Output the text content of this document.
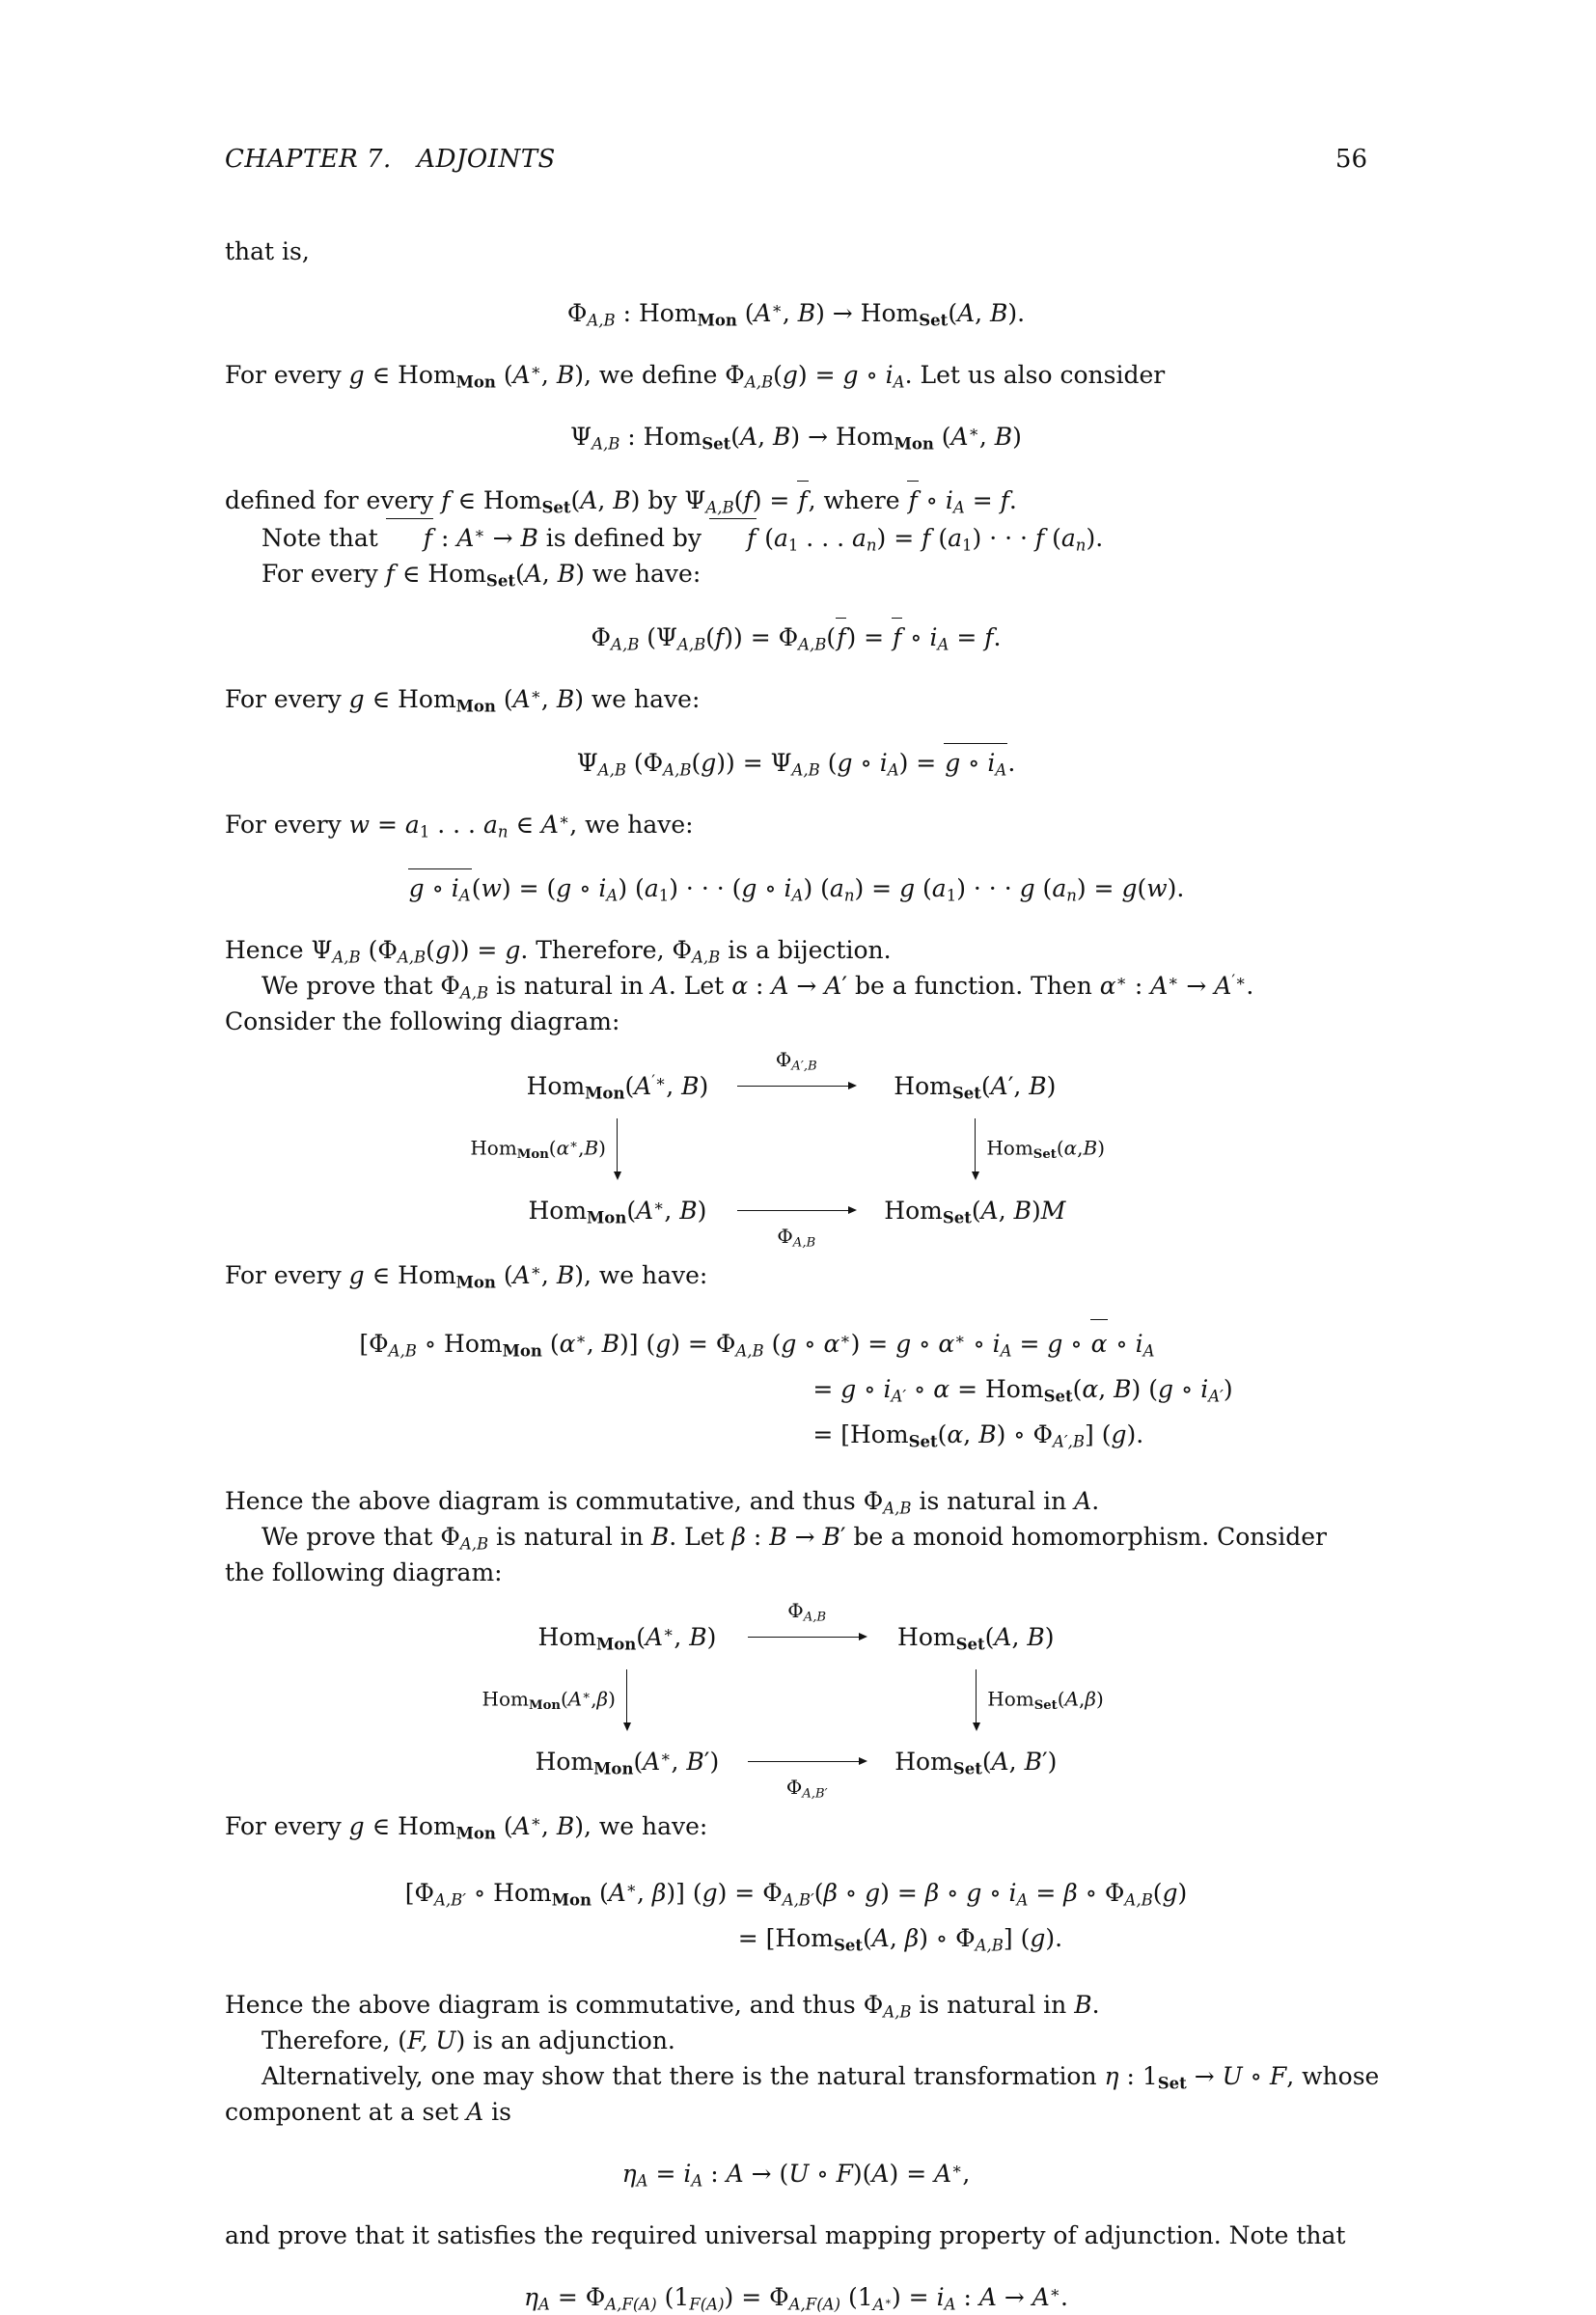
CHAPTER 7. ADJOINTS	56

that is,

$\Phi_{A,B}$ : Hom$_{Mon}$ (A∗, B) → Hom$_{Set}$(A, B).

For every g ∈ Hom$_{Mon}$ (A∗, B), we define $\Phi_{A,B}(g) = g$ ∘ $i_A$. Let us also consider

$\Psi_{A,B}$ : Hom$_{Set}$(A, B) → Hom$_{Mon}$ (A∗, B)

defined for every f ∈ Hom$_{Set}$(A, B) by $\Psi_{A,B}(f) = f$, where f ∘ $i_A = f$.

Note that f : A∗ → B is defined by f ($a_1$ . . . $a_n) = f$ $(a_1)$ · · · f $(a_n)$.

For every f ∈ Hom$_{Set}$(A, B) we have:

$\Phi_{A,B}$ $(\Psi_{A,B}(f)) = \Phi_{A,B}(f) = f$ ∘ $i_A = f$.

For every g ∈ Hom$_{Mon}$ (A∗, B) we have:

$\Psi_{A,B}$ $(\Phi_{A,B}(g)) = \Psi_{A,B}$ (g ∘ $i_A) = g$ ∘ $i_A$.

For every $w = a_1$ . . . $a_n$ ∈ A∗, we have:

g ∘ $i_A(w) = (g$ ∘ $i_A$) $(a_1)$ · · · (g ∘ $i_A$) $(a_n) = g$ $(a_1)$ · · · g $(a_n) = g(w)$.

Hence $\Psi_{A,B}$ $(\Phi_{A,B}(g)) = g$. Therefore, $\Phi_{A,B}$ is a bijection.

We prove that $\Phi_{A,B}$ is natural in A. Let α : A → A′ be a function. Then α∗ : A∗ → A′∗.

Consider the following diagram:

Hom$_{Mon}$(A′∗, B)
$\Phi_{A',B}$
Hom$_{Set}$(A′, B)
Hom$_{Mon}$(α∗,B)	Hom$_{Set}$(α,B)
Hom$_{Mon}$(A∗, B)
$\Phi_{A,B}$
Hom$_{Set}$(A, B)M

For every g ∈ Hom$_{Mon}$ (A∗, B), we have:

[$\Phi_{A,B}$ ∘ Hom$_{Mon}$ (α∗, B)] $(g) = \Phi_{A,B}$ (g ∘ α∗) = g ∘ α∗ ∘ $i_A = g$ ∘ α ∘ $i_A$
= g ∘ $i_{A'}$ ∘ α = Hom$_{Set}$(α, B) (g ∘ $i_{A'}$)
= [Hom$_{Set}$(α, B) ∘ $\Phi_{A',B}$] (g).

Hence the above diagram is commutative, and thus $\Phi_{A,B}$ is natural in A.

We prove that $\Phi_{A,B}$ is natural in B. Let β : B → B′ be a monoid homomorphism. Consider

the following diagram:

Hom$_{Mon}$(A∗, B)
$\Phi_{A,B}$
Hom$_{Set}$(A, B)
Hom$_{Mon}$(A∗,β)	Hom$_{Set}$(A,β)
Hom$_{Mon}$(A∗, B′)
$\Phi_{A,B'}$
Hom$_{Set}$(A, B′)

For every g ∈ Hom$_{Mon}$ (A∗, B), we have:

[$\Phi_{A,B'}$ ∘ Hom$_{Mon}$ (A∗, β)] $(g) = \Phi_{A,B'}(\beta$ ∘ g) = β ∘ g ∘ $i_A = \beta$ ∘ $\Phi_{A,B}(g)$
= [Hom$_{Set}$(A, β) ∘ $\Phi_{A,B}$] (g).

Hence the above diagram is commutative, and thus $\Phi_{A,B}$ is natural in B.

Therefore, (F, U) is an adjunction.

Alternatively, one may show that there is the natural transformation η : $1_{Set} \to U$ ∘ F, whose

component at a set A is

$\eta_A = i_A$ : A → (U ∘ F)(A) = A∗,

and prove that it satisfies the required universal mapping property of adjunction. Note that

$\eta_A = \Phi_{A,F(A)}$ $(1_{F(A)}) = \Phi_{A,F(A)}$ $(1_{A^∗}) = i_A$ : A → A∗.
